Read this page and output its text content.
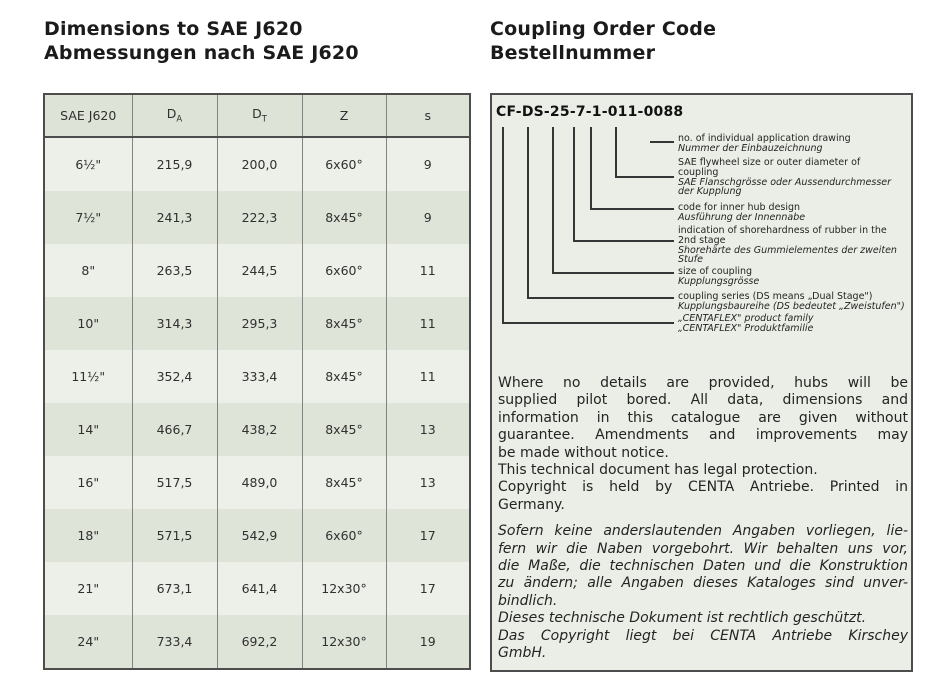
Dimensions to SAE J620
Abmessungen nach SAE J620
Coupling Order Code
Bestellnummer
SAE J620	$D_A$	$D_T$	Z	s
6½"	215,9	200,0	6x60°	9
7½"	241,3	222,3	8x45°	9
8"	263,5	244,5	6x60°	11
10"	314,3	295,3	8x45°	11
11½"	352,4	333,4	8x45°	11
14"	466,7	438,2	8x45°	13
16"	517,5	489,0	8x45°	13
18"	571,5	542,9	6x60°	17
21"	673,1	641,4	12x30°	17
24"	733,4	692,2	12x30°	19
CF-DS-25-7-1-011-0088
no. of individual application drawing
Nummer der Einbauzeichnung
SAE flywheel size or outer diameter of
coupling
SAE Flanschgrösse oder Aussendurchmesser
der Kupplung
code for inner hub design
Ausführung der Innennabe
indication of shorehardness of rubber in the
2nd stage
Shorehärte des Gummielementes der zweiten
Stufe
size of coupling
Kupplungsgrösse
coupling series (DS means „Dual Stage")
Kupplungsbaureihe (DS bedeutet „Zweistufen")
„CENTAFLEX" product family
„CENTAFLEX" Produktfamilie
Where no details are provided, hubs will be
supplied pilot bored. All data, dimensions and
information in this catalogue are given without
guarantee. Amendments and improvements may
be made without notice.
This technical document has legal protection.
Copyright is held by CENTA Antriebe. Printed in
Germany.
Sofern keine anderslautenden Angaben vorliegen, lie-
fern wir die Naben vorgebohrt. Wir behalten uns vor,
die Maße, die technischen Daten und die Konstruktion
zu ändern; alle Angaben dieses Kataloges sind unver-
bindlich.
Dieses technische Dokument ist rechtlich geschützt.
Das Copyright liegt bei CENTA Antriebe Kirschey
GmbH.
